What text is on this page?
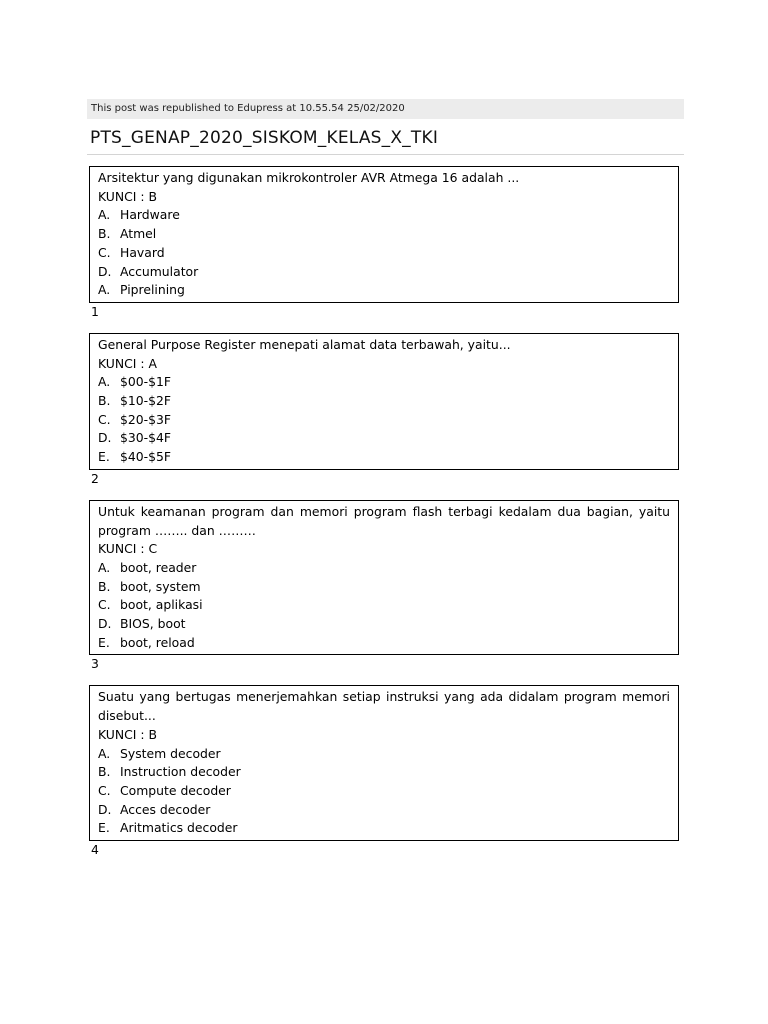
This post was republished to Edupress at 10.55.54 25/02/2020
PTS_GENAP_2020_SISKOM_KELAS_X_TKI
Arsitektur yang digunakan mikrokontroler AVR Atmega 16 adalah ...
KUNCI : B
A. Hardware
B. Atmel
C. Havard
D. Accumulator
A. Piprelining
1
General Purpose Register menepati alamat data terbawah, yaitu...
KUNCI : A
A. $00-$1F
B. $10-$2F
C. $20-$3F
D. $30-$4F
E. $40-$5F
2
Untuk keamanan program dan memori program flash terbagi kedalam dua bagian, yaitu program …….. dan ………
KUNCI : C
A. boot, reader
B. boot, system
C. boot, aplikasi
D. BIOS, boot
E. boot, reload
3
Suatu yang bertugas menerjemahkan setiap instruksi yang ada didalam program memori disebut...
KUNCI : B
A. System decoder
B. Instruction decoder
C. Compute decoder
D. Acces decoder
E. Aritmatics decoder
4
